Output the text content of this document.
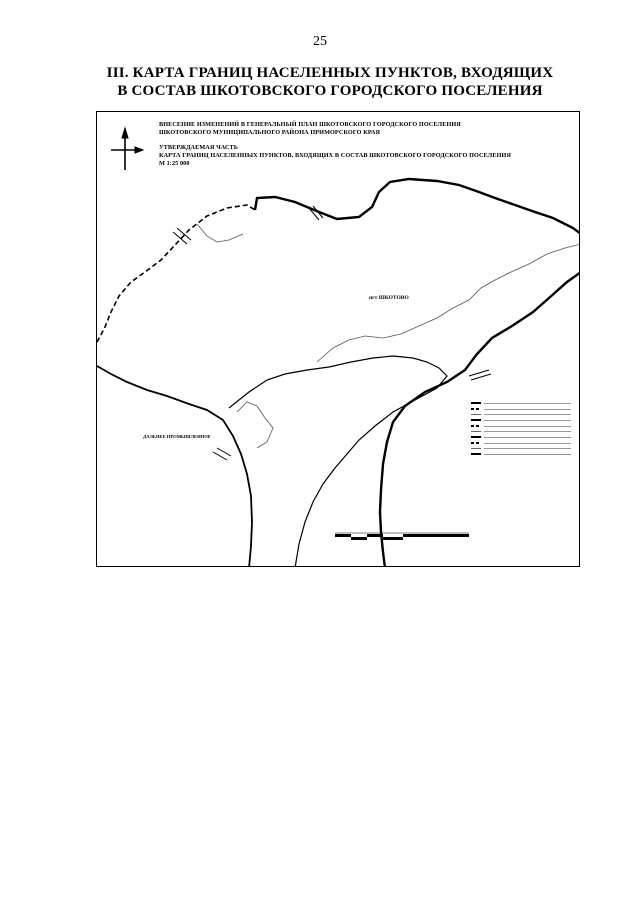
25
III. КАРТА ГРАНИЦ НАСЕЛЕННЫХ ПУНКТОВ, ВХОДЯЩИХ
В СОСТАВ ШКОТОВСКОГО ГОРОДСКОГО ПОСЕЛЕНИЯ
ВНЕСЕНИЕ ИЗМЕНЕНИЙ В ГЕНЕРАЛЬНЫЙ ПЛАН ШКОТОВСКОГО ГОРОДСКОГО ПОСЕЛЕНИЯ
ШКОТОВСКОГО МУНИЦИПАЛЬНОГО РАЙОНА ПРИМОРСКОГО КРАЯ
УТВЕРЖДАЕМАЯ ЧАСТЬ
КАРТА ГРАНИЦ НАСЕЛЕННЫХ ПУНКТОВ, ВХОДЯЩИХ В СОСТАВ ШКОТОВСКОГО ГОРОДСКОГО ПОСЕЛЕНИЯ
М 1:25 000
пгт ШКОТОВО
ДАЛЬНЕЕ ПРОМЫШЛЕННОЕ
